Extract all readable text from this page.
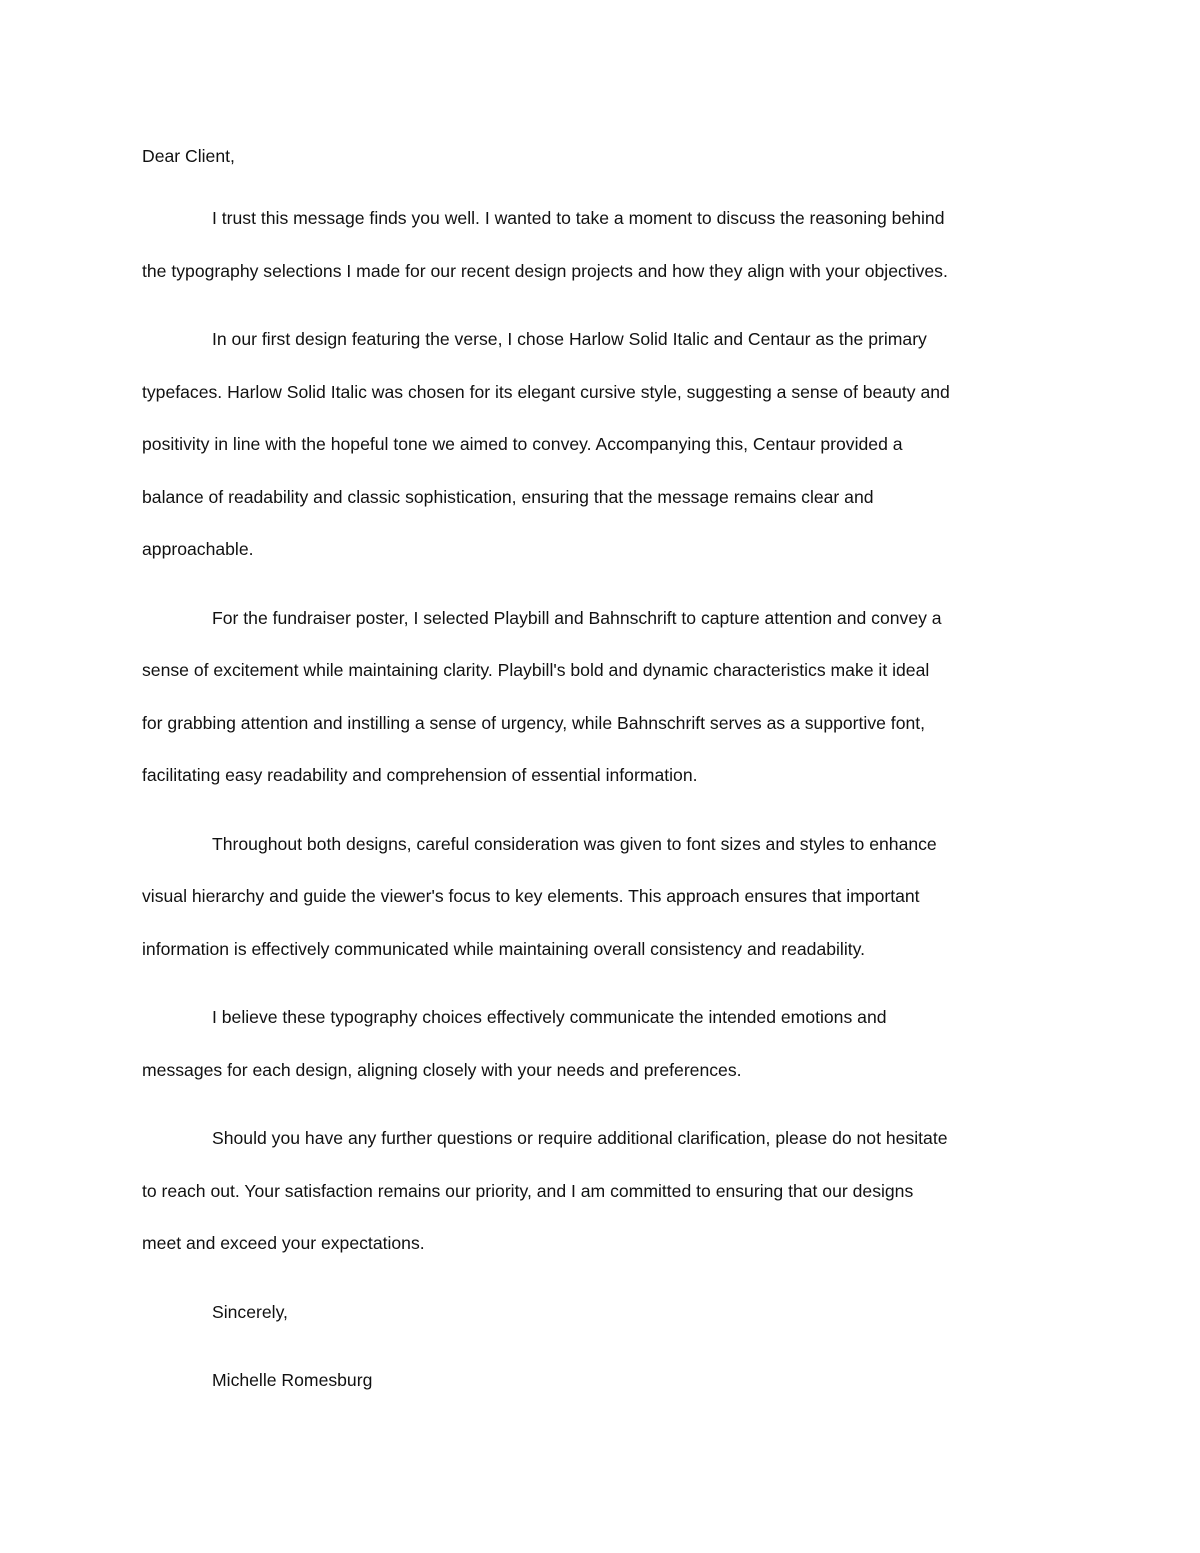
Dear Client,

I trust this message finds you well. I wanted to take a moment to discuss the reasoning behind
the typography selections I made for our recent design projects and how they align with your objectives.

In our first design featuring the verse, I chose Harlow Solid Italic and Centaur as the primary
typefaces. Harlow Solid Italic was chosen for its elegant cursive style, suggesting a sense of beauty and
positivity in line with the hopeful tone we aimed to convey. Accompanying this, Centaur provided a
balance of readability and classic sophistication, ensuring that the message remains clear and
approachable.

For the fundraiser poster, I selected Playbill and Bahnschrift to capture attention and convey a
sense of excitement while maintaining clarity. Playbill's bold and dynamic characteristics make it ideal
for grabbing attention and instilling a sense of urgency, while Bahnschrift serves as a supportive font,
facilitating easy readability and comprehension of essential information.

Throughout both designs, careful consideration was given to font sizes and styles to enhance
visual hierarchy and guide the viewer's focus to key elements. This approach ensures that important
information is effectively communicated while maintaining overall consistency and readability.

I believe these typography choices effectively communicate the intended emotions and
messages for each design, aligning closely with your needs and preferences.

Should you have any further questions or require additional clarification, please do not hesitate
to reach out. Your satisfaction remains our priority, and I am committed to ensuring that our designs
meet and exceed your expectations.

Sincerely,

Michelle Romesburg
